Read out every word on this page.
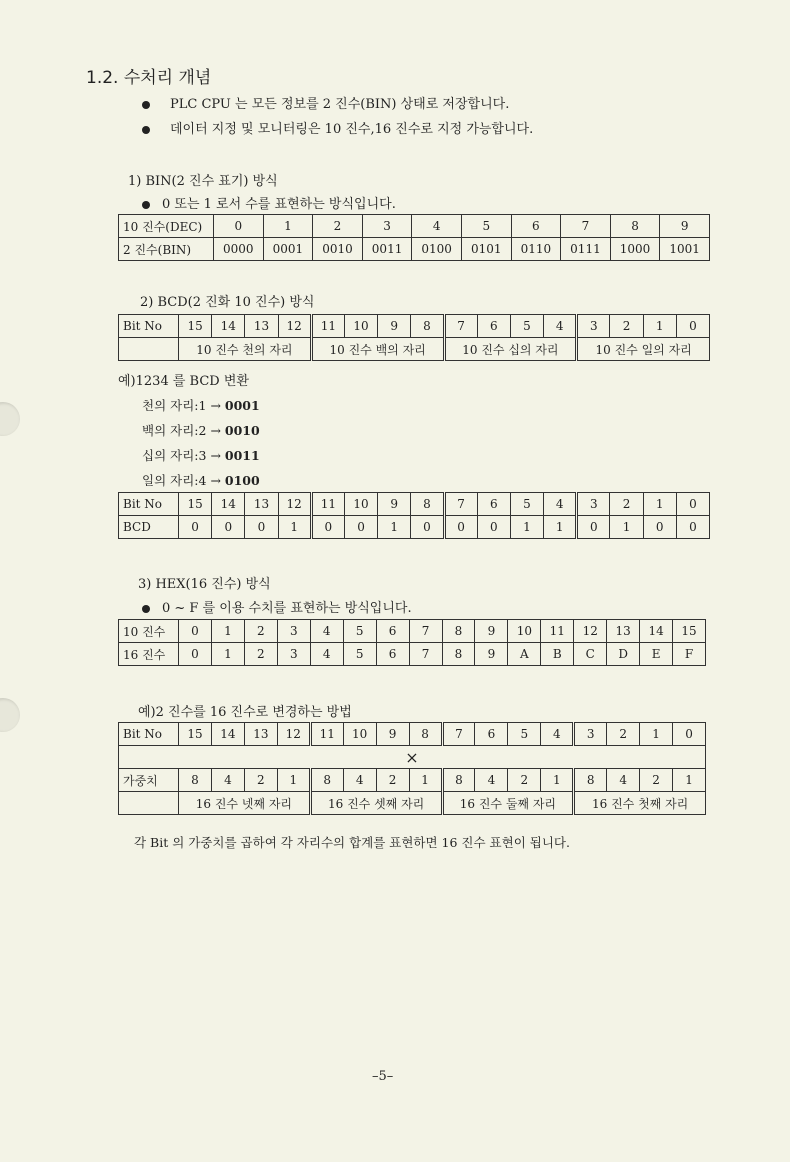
1.2. 수처리 개념
PLC CPU 는 모든 정보를 2 진수(BIN) 상태로 저장합니다.
데이터 지정 및 모니터링은 10 진수,16 진수로 지정 가능합니다.
1) BIN(2 진수 표기) 방식
0 또는 1 로서 수를 표현하는 방식입니다.
10 진수(DEC)	0	1	2	3	4	5	6	7	8	9
2 진수(BIN)	0000	0001	0010	0011	0100	0101	0110	0111	1000	1001
2) BCD(2 진화 10 진수) 방식
Bit No	15	14	13	12	11	10	9	8	7	6	5	4	3	2	1	0
	10 진수 천의 자리				10 진수 백의 자리				10 진수 십의 자리				10 진수 일의 자리			
예)1234 를 BCD 변환
천의 자리:1 → 0001
백의 자리:2 → 0010
십의 자리:3 → 0011
일의 자리:4 → 0100
Bit No	15	14	13	12	11	10	9	8	7	6	5	4	3	2	1	0
BCD	0	0	0	1	0	0	1	0	0	0	1	1	0	1	0	0
3) HEX(16 진수) 방식
0 ~ F 를 이용 수치를 표현하는 방식입니다.
10 진수	0	1	2	3	4	5	6	7	8	9	10	11	12	13	14	15
16 진수	0	1	2	3	4	5	6	7	8	9	A	B	C	D	E	F
예)2 진수를 16 진수로 변경하는 방법
Bit No	15	14	13	12	11	10	9	8	7	6	5	4	3	2	1	0
×																
가중치	8	4	2	1	8	4	2	1	8	4	2	1	8	4	2	1
	16 진수 넷째 자리				16 진수 셋째 자리				16 진수 둘째 자리				16 진수 첫째 자리			
각 Bit 의 가중치를 곱하여 각 자리수의 합계를 표현하면 16 진수 표현이 됩니다.
–5–
